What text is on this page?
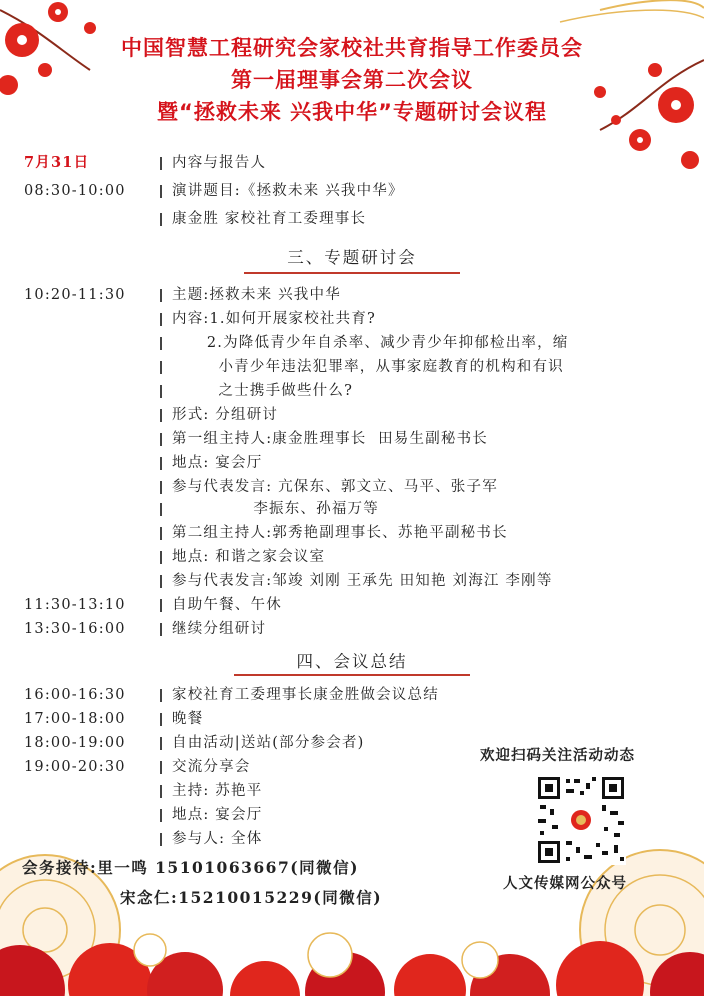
中国智慧工程研究会家校社共育指导工作委员会
第一届理事会第二次会议
暨“拯救未来 兴我中华”专题研讨会议程
7月31日	内容与报告人
08:30-10:00	演讲题目:《拯救未来 兴我中华》
康金胜 家校社育工委理事长
三、专题研讨会
10:20-11:30	主题:拯救未来 兴我中华
内容:1.如何开展家校社共育?
2.为降低青少年自杀率、减少青少年抑郁检出率，缩
小青少年违法犯罪率，从事家庭教育的机构和有识
之士携手做些什么?
形式: 分组研讨
第一组主持人:康金胜理事长  田易生副秘书长
地点: 宴会厅
参与代表发言: 亢保东、郭文立、马平、张子军
李振东、孙福万等
第二组主持人:郭秀艳副理事长、苏艳平副秘书长
地点: 和谐之家会议室
参与代表发言:邹竣 刘刚 王承先 田知艳 刘海江 李刚等
11:30-13:10	自助午餐、午休
13:30-16:00	继续分组研讨
四、会议总结
16:00-16:30	家校社育工委理事长康金胜做会议总结
17:00-18:00	晚餐
18:00-19:00	自由活动|送站(部分参会者)
19:00-20:30	交流分享会
主持: 苏艳平
地点: 宴会厅
参与人: 全体
欢迎扫码关注活动动态
人文传媒网公众号
会务接待:里一鸣 15101063667(同微信)
宋念仁:15210015229(同微信)
